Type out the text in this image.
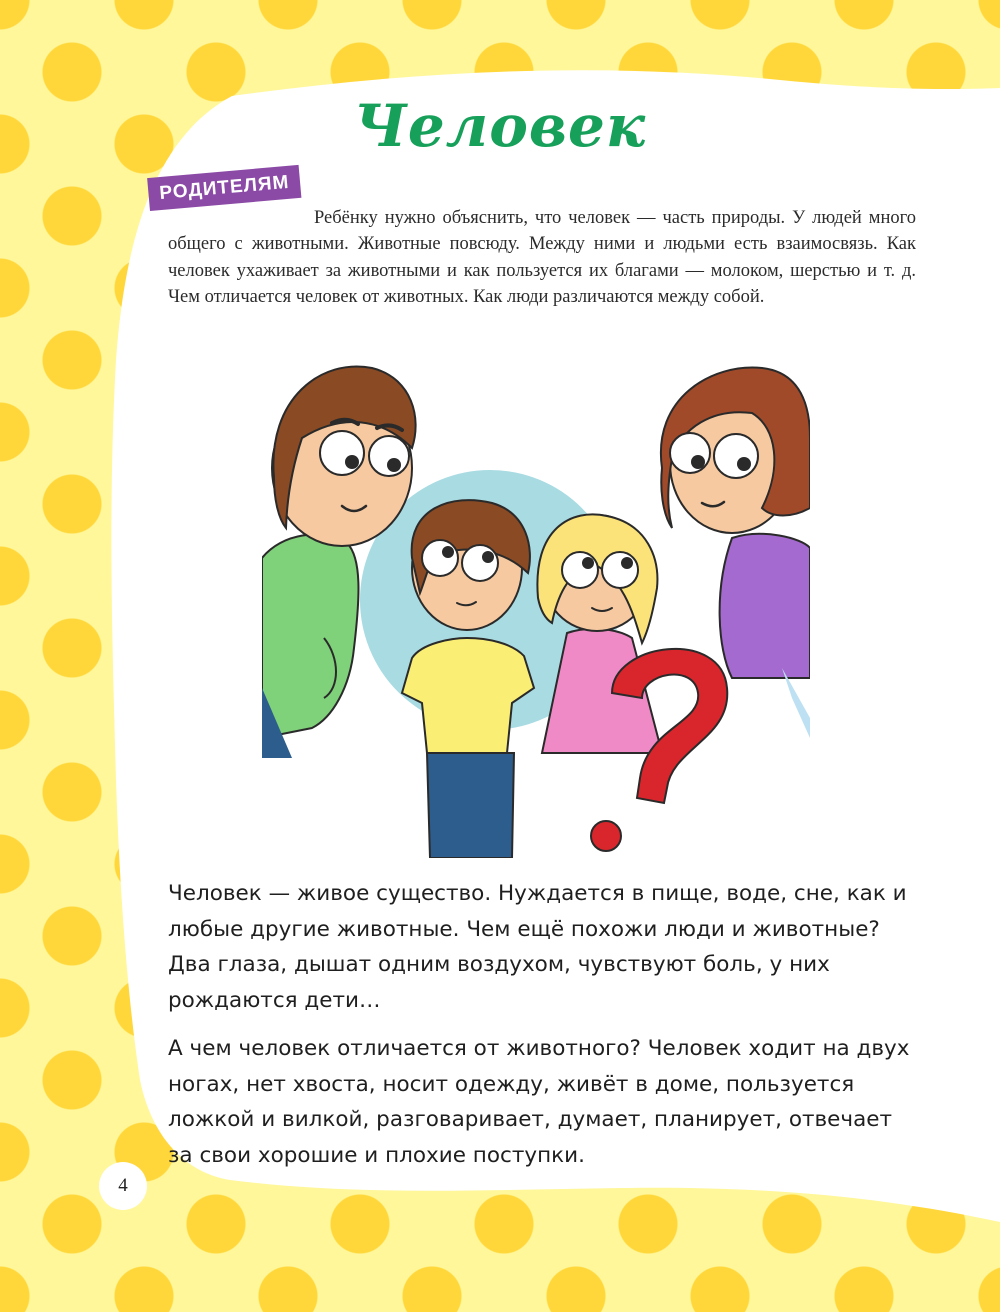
Человек
РОДИТЕЛЯМ

Ребёнку нужно объяснить, что человек — часть природы. У людей много общего с животными. Животные повсюду. Между ними и людьми есть взаимосвязь. Как человек ухаживает за животными и как пользуется их благами — молоком, шерстью и т. д. Чем отличается человек от животных. Как люди различаются между собой.

Человек — живое существо. Нуждается в пище, воде, сне, как и любые другие животные. Чем ещё похожи люди и животные? Два глаза, дышат одним воздухом, чувствуют боль, у них рождаются дети…

А чем человек отличается от животного? Человек ходит на двух ногах, нет хвоста, носит одежду, живёт в доме, пользуется ложкой и вилкой, разговаривает, думает, планирует, отвечает за свои хорошие и плохие поступки.

4
